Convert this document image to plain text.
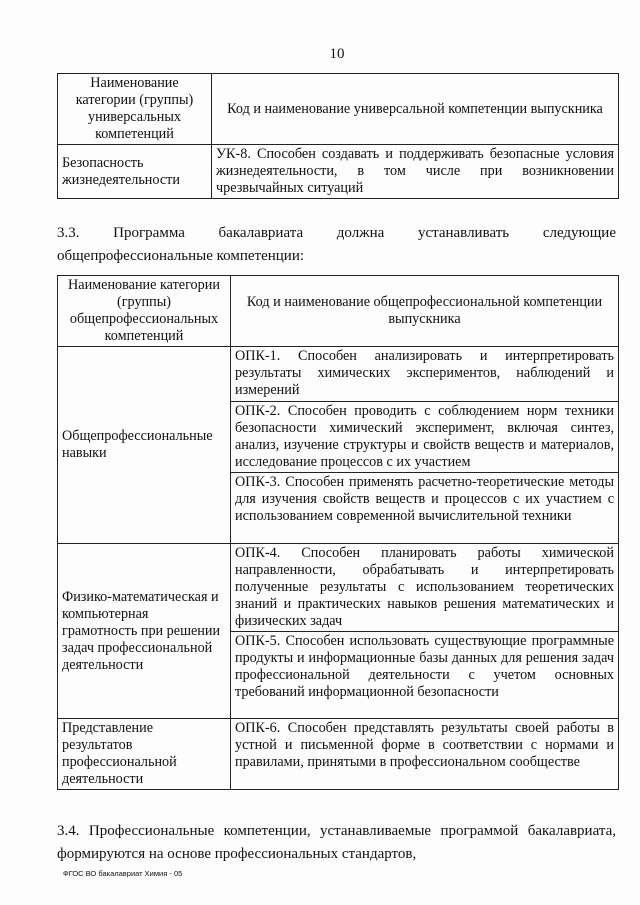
10
Наименование категории (группы) универсальных компетенций	Код и наименование универсальной компетенции выпускника
Безопасность жизнедеятельности	УК-8. Способен создавать и поддерживать безопасные условия жизнедеятельности, в том числе при возникновении чрезвычайных ситуаций
3.3. Программа бакалавриата должна устанавливать следующие общепрофессиональные компетенции:
Наименование категории (группы) общепрофессиональных компетенций	Код и наименование общепрофессиональной компетенции выпускника
Общепрофессиональные навыки	ОПК-1. Способен анализировать и интерпретировать результаты химических экспериментов, наблюдений и измерений
	ОПК-2. Способен проводить с соблюдением норм техники безопасности химический эксперимент, включая синтез, анализ, изучение структуры и свойств веществ и материалов, исследование процессов с их участием
	ОПК-3. Способен применять расчетно-теоретические методы для изучения свойств веществ и процессов с их участием с использованием современной вычислительной техники
Физико-математическая и компьютерная грамотность при решении задач профессиональной деятельности	ОПК-4. Способен планировать работы химической направленности, обрабатывать и интерпретировать полученные результаты с использованием теоретических знаний и практических навыков решения математических и физических задач
	ОПК-5. Способен использовать существующие программные продукты и информационные базы данных для решения задач профессиональной деятельности с учетом основных требований информационной безопасности
Представление результатов профессиональной деятельности	ОПК-6. Способен представлять результаты своей работы в устной и письменной форме в соответствии с нормами и правилами, принятыми в профессиональном сообществе
3.4. Профессиональные компетенции, устанавливаемые программой бакалавриата, формируются на основе профессиональных стандартов,
ФГОС ВО бакалавриат Химия - 05
